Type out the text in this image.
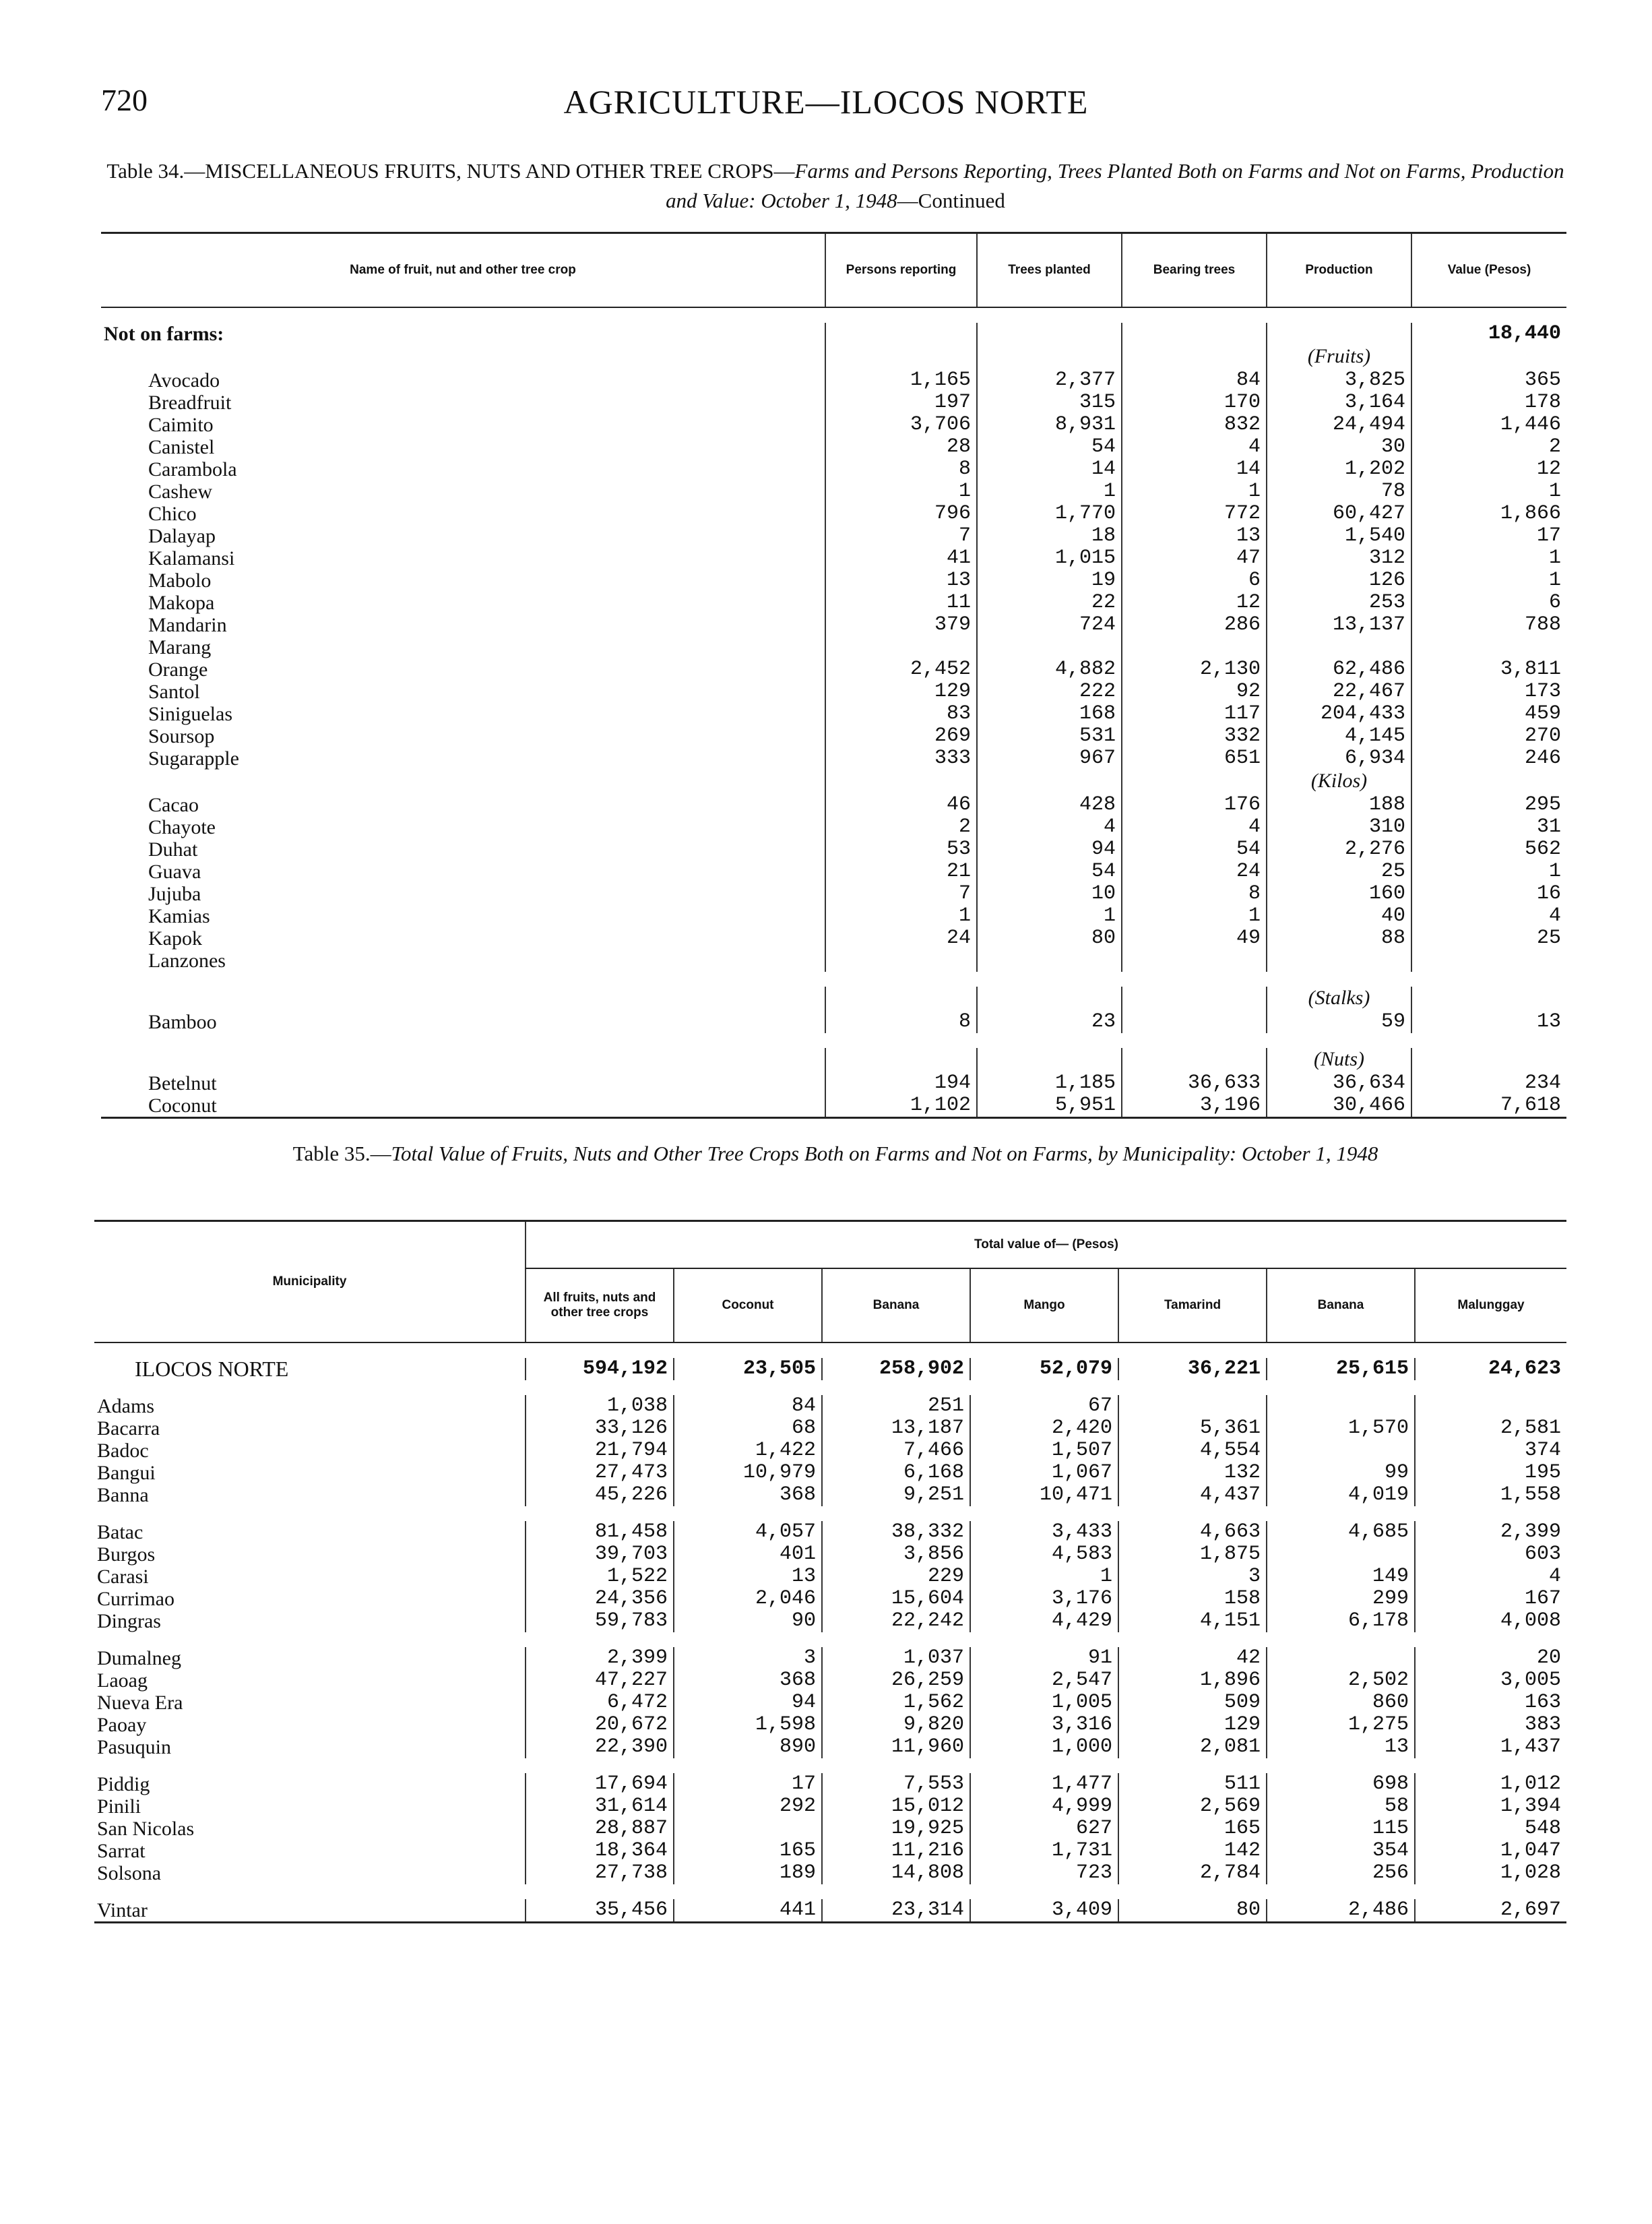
720	AGRICULTURE—ILOCOS NORTE
Table 34.—MISCELLANEOUS FRUITS, NUTS AND OTHER TREE CROPS—Farms and Persons Reporting, Trees Planted Both on Farms and Not on Farms, Production and Value: October 1, 1948—Continued
Name of fruit, nut and other tree crop	Persons reporting	Trees planted	Bearing trees	Production	Value (Pesos)

Not on farms:					18,440
				(Fruits)	
Avocado	1,165	2,377	84	3,825	365
Breadfruit	197	315	170	3,164	178
Caimito	3,706	8,931	832	24,494	1,446
Canistel	28	54	4	30	2
Carambola	8	14	14	1,202	12
Cashew	1	1	1	78	1
Chico	796	1,770	772	60,427	1,866
Dalayap	7	18	13	1,540	17
Kalamansi	41	1,015	47	312	1
Mabolo	13	19	6	126	1
Makopa	11	22	12	253	6
Mandarin	379	724	286	13,137	788
Marang					
Orange	2,452	4,882	2,130	62,486	3,811
Santol	129	222	92	22,467	173
Siniguelas	83	168	117	204,433	459
Soursop	269	531	332	4,145	270
Sugarapple	333	967	651	6,934	246
				(Kilos)	
Cacao	46	428	176	188	295
Chayote	2	4	4	310	31
Duhat	53	94	54	2,276	562
Guava	21	54	24	25	1
Jujuba	7	10	8	160	16
Kamias	1	1	1	40	4
Kapok	24	80	49	88	25
Lanzones					

				(Stalks)	
Bamboo	8	23		59	13

				(Nuts)	
Betelnut	194	1,185	36,633	36,634	234
Coconut	1,102	5,951	3,196	30,466	7,618
Table 35.—Total Value of Fruits, Nuts and Other Tree Crops Both on Farms and Not on Farms, by Municipality: October 1, 1948
Municipality	Total value of— (Pesos)						
	All fruits, nuts and other tree crops	Coconut	Banana	Mango	Tamarind	Banana	Malunggay

ILOCOS NORTE	594,192	23,505	258,902	52,079	36,221	25,615	24,623

Adams	1,038	84	251	67			
Bacarra	33,126	68	13,187	2,420	5,361	1,570	2,581
Badoc	21,794	1,422	7,466	1,507	4,554		374
Bangui	27,473	10,979	6,168	1,067	132	99	195
Banna	45,226	368	9,251	10,471	4,437	4,019	1,558

Batac	81,458	4,057	38,332	3,433	4,663	4,685	2,399
Burgos	39,703	401	3,856	4,583	1,875		603
Carasi	1,522	13	229	1	3	149	4
Currimao	24,356	2,046	15,604	3,176	158	299	167
Dingras	59,783	90	22,242	4,429	4,151	6,178	4,008

Dumalneg	2,399	3	1,037	91	42		20
Laoag	47,227	368	26,259	2,547	1,896	2,502	3,005
Nueva Era	6,472	94	1,562	1,005	509	860	163
Paoay	20,672	1,598	9,820	3,316	129	1,275	383
Pasuquin	22,390	890	11,960	1,000	2,081	13	1,437

Piddig	17,694	17	7,553	1,477	511	698	1,012
Pinili	31,614	292	15,012	4,999	2,569	58	1,394
San Nicolas	28,887		19,925	627	165	115	548
Sarrat	18,364	165	11,216	1,731	142	354	1,047
Solsona	27,738	189	14,808	723	2,784	256	1,028

Vintar	35,456	441	23,314	3,409	80	2,486	2,697
